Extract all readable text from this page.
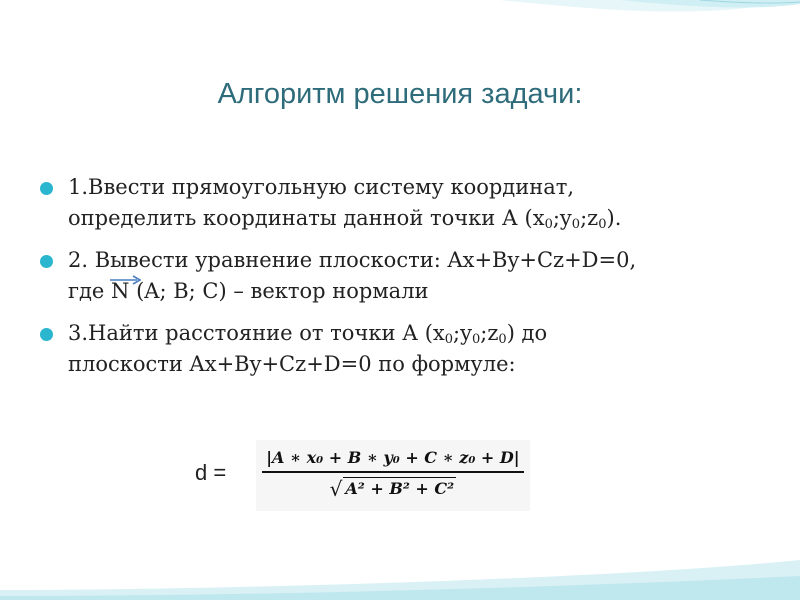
Алгоритм решения задачи:
1.Ввести прямоугольную систему координат,
определить координаты данной точки А $(x_0;y_0;z_0)$.
2. Вывести уравнение плоскости: Ax+By+Cz+D=0,
где
N (A; B; C) – вектор нормали
3.Найти расстояние от точки А $(x_0;y_0;z_0)$ до
плоскости Ax+By+Cz+D=0 по формуле:
$d = \frac{\text{|A ∗ x₀ + B ∗ y₀ + C ∗ z₀ + D|}}{\text{√ A² + B² + C²}}$
